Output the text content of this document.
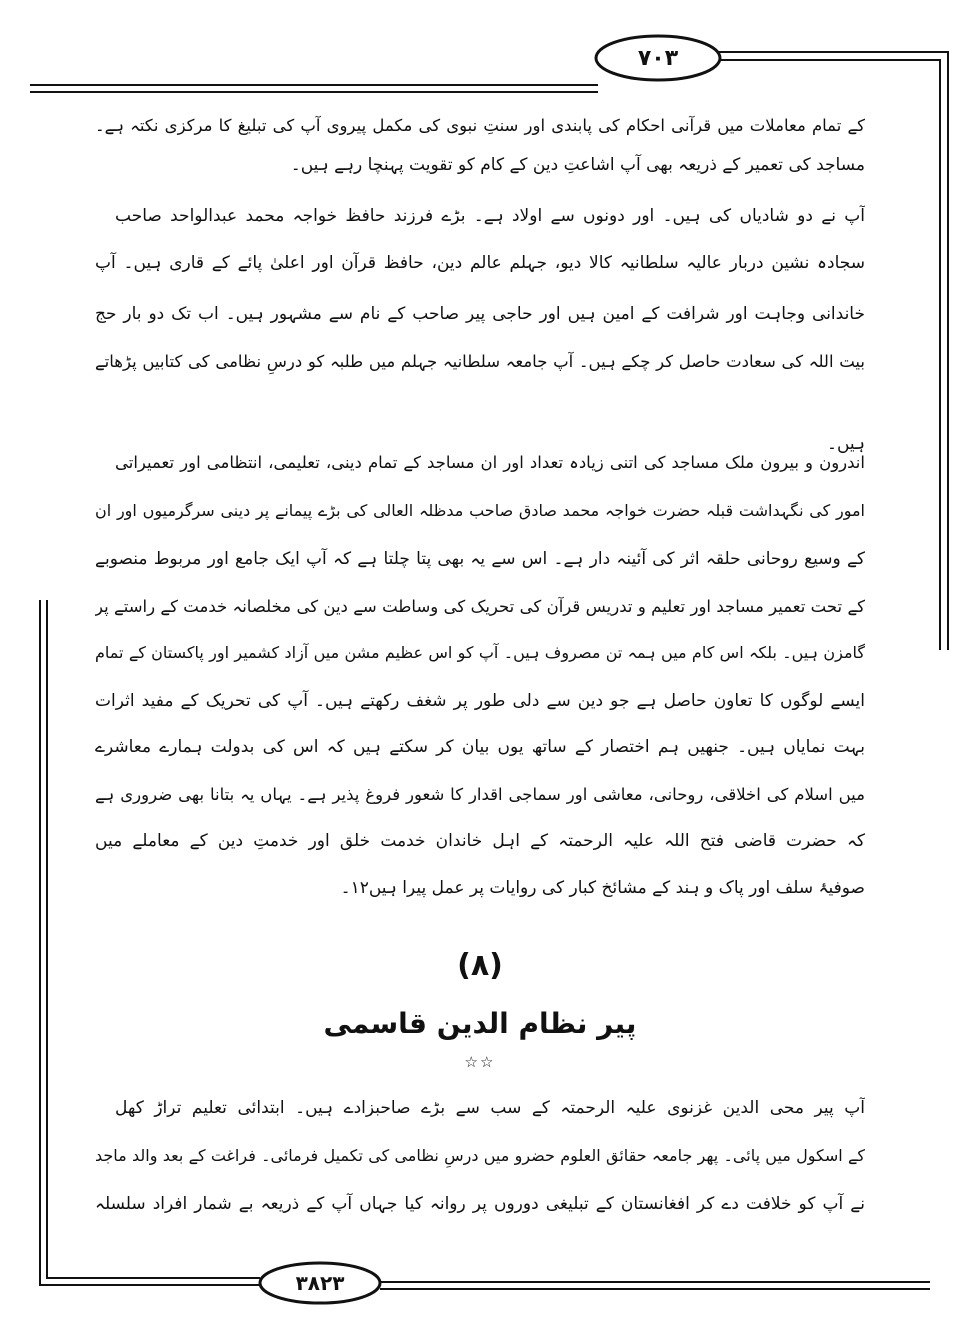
۷۰۳
کے تمام معاملات میں قرآنی احکام کی پابندی اور سنتِ نبوی کی مکمل پیروی آپ کی تبلیغ کا مرکزی نکتہ ہے۔
مساجد کی تعمیر کے ذریعہ بھی آپ اشاعتِ دین کے کام کو تقویت پہنچا رہے ہیں۔
آپ نے دو شادیاں کی ہیں۔ اور دونوں سے اولاد ہے۔ بڑے فرزند حافظ خواجہ محمد عبدالواحد صاحب
سجادہ نشین دربار عالیہ سلطانیہ کالا دیو، جہلم عالم دین، حافظ قرآن اور اعلیٰ پائے کے قاری ہیں۔ آپ
خاندانی وجاہت اور شرافت کے امین ہیں اور حاجی پیر صاحب کے نام سے مشہور ہیں۔ اب تک دو بار حج
بیت اللہ کی سعادت حاصل کر چکے ہیں۔ آپ جامعہ سلطانیہ جہلم میں طلبہ کو درسِ نظامی کی کتابیں پڑھاتے
ہیں۔
اندرون و بیرون ملک مساجد کی اتنی زیادہ تعداد اور ان مساجد کے تمام دینی، تعلیمی، انتظامی اور تعمیراتی
امور کی نگہداشت قبلہ حضرت خواجہ محمد صادق صاحب مدظلہ العالی کی بڑے پیمانے پر دینی سرگرمیوں اور ان
کے وسیع روحانی حلقہ اثر کی آئینہ دار ہے۔ اس سے یہ بھی پتا چلتا ہے کہ آپ ایک جامع اور مربوط منصوبے
کے تحت تعمیر مساجد اور تعلیم و تدریس قرآن کی تحریک کی وساطت سے دین کی مخلصانہ خدمت کے راستے پر
گامزن ہیں۔ بلکہ اس کام میں ہمہ تن مصروف ہیں۔ آپ کو اس عظیم مشن میں آزاد کشمیر اور پاکستان کے تمام
ایسے لوگوں کا تعاون حاصل ہے جو دین سے دلی طور پر شغف رکھتے ہیں۔ آپ کی تحریک کے مفید اثرات
بہت نمایاں ہیں۔ جنھیں ہم اختصار کے ساتھ یوں بیان کر سکتے ہیں کہ اس کی بدولت ہمارے معاشرے
میں اسلام کی اخلاقی، روحانی، معاشی اور سماجی اقدار کا شعور فروغ پذیر ہے۔ یہاں یہ بتانا بھی ضروری ہے
کہ حضرت قاضی فتح اللہ علیہ الرحمتہ کے اہل خاندان خدمت خلق اور خدمتِ دین کے معاملے میں
صوفیۂ سلف اور پاک و ہند کے مشائخ کبار کی روایات پر عمل پیرا ہیں۱۲۔
(۸)
پیر نظام الدین قاسمی
☆☆
آپ پیر محی الدین غزنوی علیہ الرحمتہ کے سب سے بڑے صاحبزادے ہیں۔ ابتدائی تعلیم تراڑ کھل
کے اسکول میں پائی۔ پھر جامعہ حقائق العلوم حضرو میں درسِ نظامی کی تکمیل فرمائی۔ فراغت کے بعد والد ماجد
نے آپ کو خلافت دے کر افغانستان کے تبلیغی دوروں پر روانہ کیا جہاں آپ کے ذریعہ بے شمار افراد سلسلہ
۳۸۲۳
